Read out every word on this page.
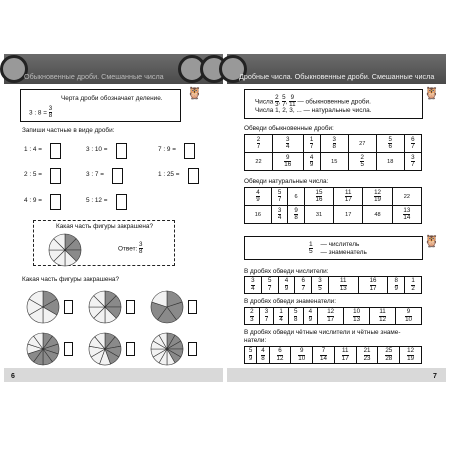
Обыкновенные дроби. Смешанные числа
Черта дроби обозначает деление.
3 : $8 = \frac{3}{8}$
🦉
Запиши частные в виде дроби:
1 : 4 =	3 : 10 =	7 : 9 =
2 : 5 =	3 : 7 =	1 : 25 =
4 : 9 =	5 : 12 =
Какая часть фигуры закрашена?
Ответ: $\frac{3}{8}$
Какая часть фигуры закрашена?
6
Дробные числа. Обыкновенные дроби. Смешанные числа
Числа $\frac{2}{3}$ , $\frac{5}{7}$ , $\frac{9}{11}$ — обыкновенные дроби.
Числа 1, 2, 3, ... — натуральные числа.
🦉
Обведи обыкновенные дроби:
$\frac{2}{7}$	$\frac{3}{4}$	$\frac{1}{7}$	$\frac{3}{8}$	27	$\frac{5}{6}$	$\frac{6}{7}$

22	$\frac{9}{16}$	$\frac{4}{9}$	15	$\frac{2}{5}$	18	$\frac{3}{7}$
Обведи натуральные числа:
$\frac{4}{9}$	$\frac{5}{7}$	6	$\frac{15}{16}$	$\frac{11}{17}$	$\frac{12}{19}$	22
16	$\frac{3}{4}$	$\frac{9}{8}$	31	17	48	$\frac{13}{14}$
$\frac{1}{5}$
— числитель
— знаменатель
🦉
В дробях обведи числители:
$\frac{3}{4}$	$\frac{5}{7}$	$\frac{4}{9}$	$\frac{6}{7}$	$\frac{3}{5}$	$\frac{11}{13}$	$\frac{16}{17}$	$\frac{8}{9}$	$\frac{1}{2}$
В дробях обведи знаменатели:
$\frac{2}{3}$	$\frac{3}{7}$	$\frac{1}{4}$	$\frac{5}{8}$	$\frac{4}{9}$	$\frac{12}{17}$	$\frac{10}{13}$	$\frac{11}{12}$	$\frac{9}{10}$
В дробях обведи чётные числители и чётные знаме-
натели:
$\frac{5}{9}$	$\frac{4}{8}$	$\frac{6}{12}$	$\frac{9}{10}$	$\frac{7}{14}$	$\frac{11}{17}$	$\frac{21}{23}$	$\frac{25}{28}$	$\frac{12}{19}$
7
